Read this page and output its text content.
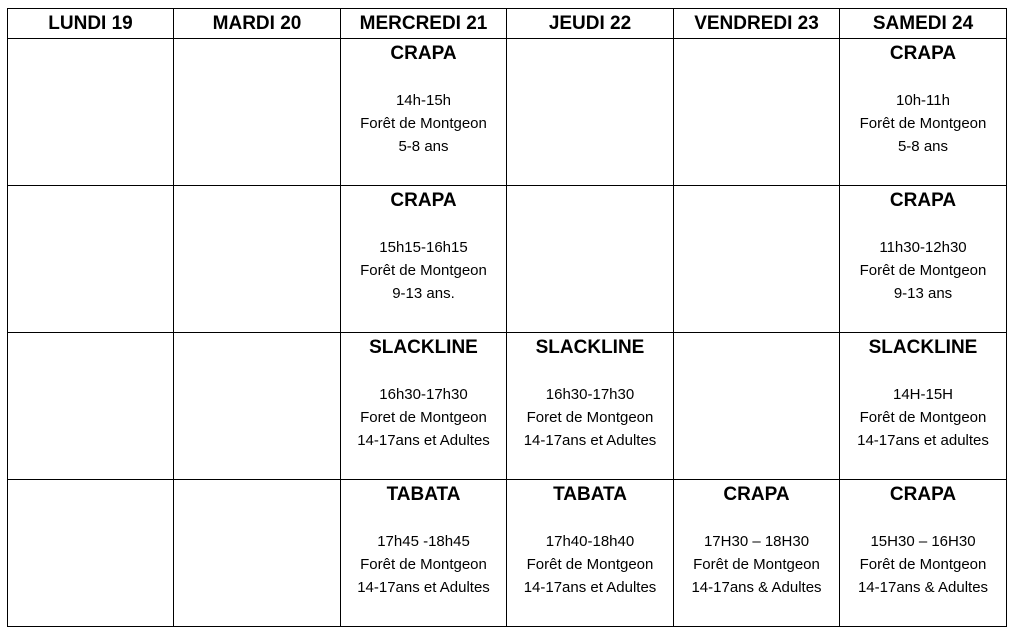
LUNDI 19	MARDI 20	MERCREDI 21	JEUDI 22	VENDREDI 23	SAMEDI 24

		CRAPA
14h-15h
Forêt de Montgeon
5-8 ans			CRAPA
10h-11h
Forêt de Montgeon
5-8 ans

		CRAPA
15h15-16h15
Forêt de Montgeon
9-13 ans.			CRAPA
11h30-12h30
Forêt de Montgeon
9-13 ans

		SLACKLINE
16h30-17h30
Foret de Montgeon
14-17ans et Adultes	SLACKLINE
16h30-17h30
Foret de Montgeon
14-17ans et Adultes		SLACKLINE
14H-15H
Forêt de Montgeon
14-17ans et adultes

		TABATA
17h45 -18h45
Forêt de Montgeon
14-17ans et Adultes	TABATA
17h40-18h40
Forêt de Montgeon
14-17ans et Adultes	CRAPA
17H30 – 18H30
Forêt de Montgeon
14-17ans & Adultes	CRAPA
15H30 – 16H30
Forêt de Montgeon
14-17ans & Adultes
